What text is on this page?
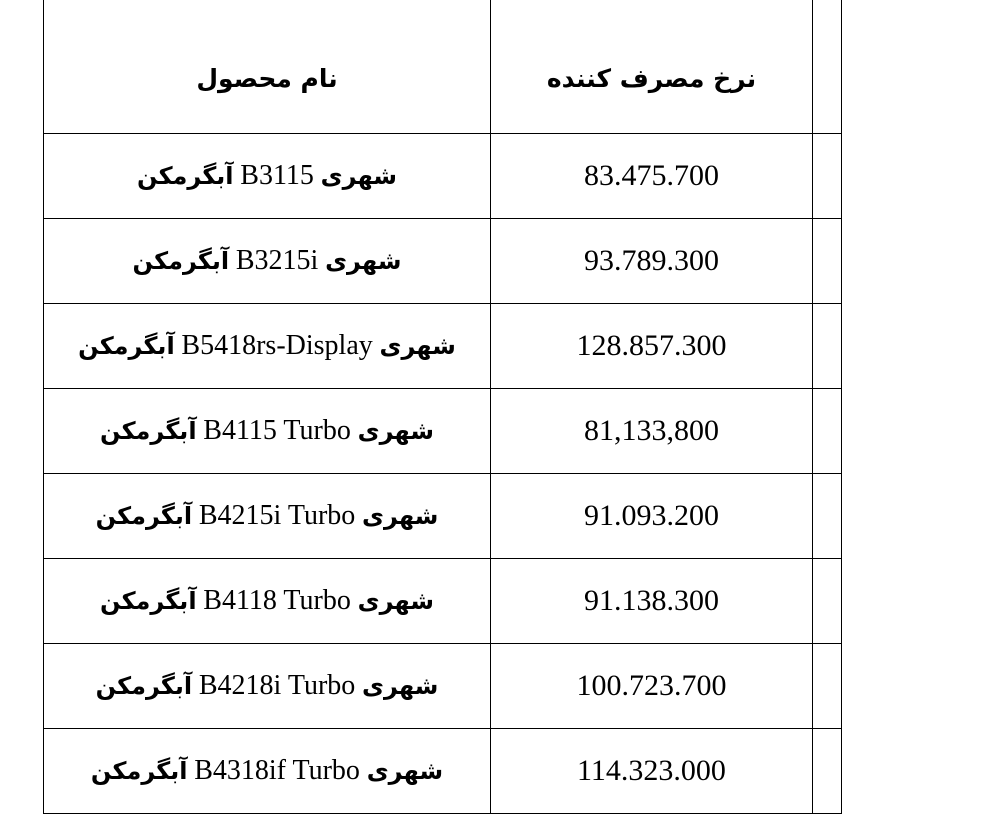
نام محصول	نرخ مصرف کننده	
شهری B3115 آبگرمکن	83.475.700	
شهری B3215i آبگرمکن	93.789.300	
شهری B5418rs-Display آبگرمکن	128.857.300	
شهری B4115 Turbo آبگرمکن	81,133,800	
شهری B4215i Turbo آبگرمکن	91.093.200	
شهری B4118 Turbo آبگرمکن	91.138.300	
شهری B4218i Turbo آبگرمکن	100.723.700	
شهری B4318if Turbo آبگرمکن	114.323.000	
